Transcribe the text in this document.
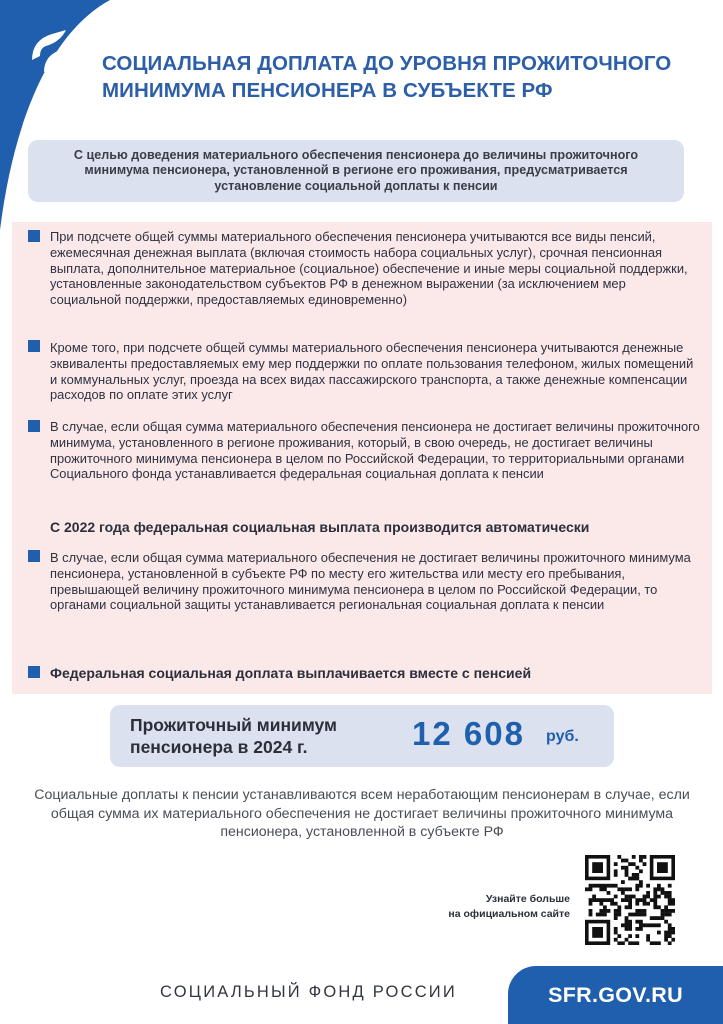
СОЦИАЛЬНАЯ ДОПЛАТА ДО УРОВНЯ ПРОЖИТОЧНОГО МИНИМУМА ПЕНСИОНЕРА В СУБЪЕКТЕ РФ
С целью доведения материального обеспечения пенсионера до величины прожиточного минимума пенсионера, установленной в регионе его проживания, предусматривается установление социальной доплаты к пенсии
При подсчете общей суммы материального обеспечения пенсионера учитываются все виды пенсий, ежемесячная денежная выплата (включая стоимость набора социальных услуг), срочная пенсионная выплата, дополнительное материальное (социальное) обеспечение и иные меры социальной поддержки, установленные законодательством субъектов РФ в денежном выражении (за исключением мер социальной поддержки, предоставляемых единовременно)
Кроме того, при подсчете общей суммы материального обеспечения пенсионера учитываются денежные эквиваленты предоставляемых ему мер поддержки по оплате пользования телефоном, жилых помещений и коммунальных услуг, проезда на всех видах пассажирского транспорта, а также денежные компенсации расходов по оплате этих услуг
В случае, если общая сумма материального обеспечения пенсионера не достигает величины прожиточного минимума, установленного в регионе проживания, который, в свою очередь, не достигает величины прожиточного минимума пенсионера в целом по Российской Федерации, то территориальными органами Социального фонда устанавливается федеральная социальная доплата к пенсии
С 2022 года федеральная социальная выплата производится автоматически
В случае, если общая сумма материального обеспечения не достигает величины прожиточного минимума пенсионера, установленной в субъекте РФ по месту его жительства или месту его пребывания, превышающей величину прожиточного минимума пенсионера в целом по Российской Федерации, то органами социальной защиты устанавливается региональная социальная доплата к пенсии
Федеральная социальная доплата выплачивается вместе с пенсией
Прожиточный минимум пенсионера в 2024 г.	12 608 руб.
Социальные доплаты к пенсии устанавливаются всем неработающим пенсионерам в случае, если общая сумма их материального обеспечения не достигает величины прожиточного минимума пенсионера, установленной в субъекте РФ
Узнайте больше
на официальном сайте
СОЦИАЛЬНЫЙ ФОНД РОССИИ	SFR.GOV.RU
